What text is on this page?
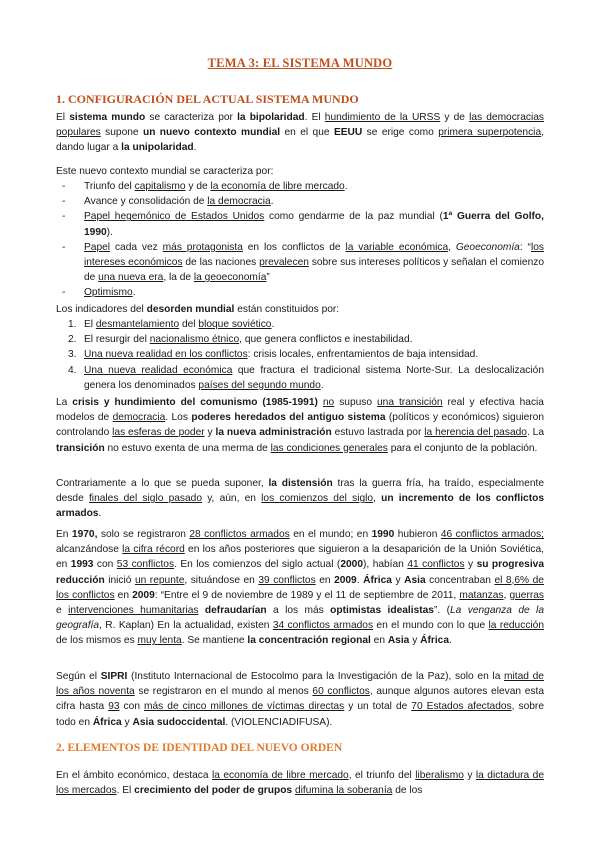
TEMA 3: EL SISTEMA MUNDO
1. CONFIGURACIÓN DEL ACTUAL SISTEMA MUNDO

El sistema mundo se caracteriza por la bipolaridad. El hundimiento de la URSS y de las democracias populares supone un nuevo contexto mundial en el que EEUU se erige como primera superpotencia, dando lugar a la unipolaridad.

Este nuevo contexto mundial se caracteriza por:

- Triunfo del capitalismo y de la economía de libre mercado.
- Avance y consolidación de la democracia.
- Papel hegemónico de Estados Unidos como gendarme de la paz mundial (1ª Guerra del Golfo, 1990).
- Papel cada vez más protagonista en los conflictos de la variable económica, Geoeconomía: “los intereses económicos de las naciones prevalecen sobre sus intereses políticos y señalan el comienzo de una nueva era, la de la geoeconomía”
- Optimismo.

Los indicadores del desorden mundial están constituidos por:

1. El desmantelamiento del bloque soviético.
2. El resurgir del nacionalismo étnico, que genera conflictos e inestabilidad.
3. Una nueva realidad en los conflictos: crisis locales, enfrentamientos de baja intensidad.
4. Una nueva realidad económica que fractura el tradicional sistema Norte-Sur. La deslocalización genera los denominados países del segundo mundo.

La crisis y hundimiento del comunismo (1985-1991) no supuso una transición real y efectiva hacia modelos de democracia. Los poderes heredados del antiguo sistema (políticos y económicos) siguieron controlando las esferas de poder y la nueva administración estuvo lastrada por la herencia del pasado. La transición no estuvo exenta de una merma de las condiciones generales para el conjunto de la población.

Contrariamente a lo que se pueda suponer, la distensión tras la guerra fría, ha traído, especialmente desde finales del siglo pasado y, aún, en los comienzos del siglo, un incremento de los conflictos armados.

En 1970, solo se registraron 28 conflictos armados en el mundo; en 1990 hubieron 46 conflictos armados; alcanzándose la cifra récord en los años posteriores que siguieron a la desaparición de la Unión Soviética, en 1993 con 53 conflictos. En los comienzos del siglo actual (2000), habían 41 conflictos y su progresiva reducción inició un repunte, situándose en 39 conflictos en 2009. África y Asia concentraban el 8,6% de los conflictos en 2009: “Entre el 9 de noviembre de 1989 y el 11 de septiembre de 2011, matanzas, guerras e intervenciones humanitarias defraudarían a los más optimistas idealistas”. (La venganza de la geografía, R. Kaplan) En la actualidad, existen 34 conflictos armados en el mundo con lo que la reducción de los mismos es muy lenta. Se mantiene la concentración regional en Asia y África.

Según el SIPRI (Instituto Internacional de Estocolmo para la Investigación de la Paz), solo en la mitad de los años noventa se registraron en el mundo al menos 60 conflictos, aunque algunos autores elevan esta cifra hasta 93 con más de cinco millones de víctimas directas y un total de 70 Estados afectados, sobre todo en África y Asia sudoccidental. (VIOLENCIADIFUSA).

2. ELEMENTOS DE IDENTIDAD DEL NUEVO ORDEN

En el ámbito económico, destaca la economía de libre mercado, el triunfo del liberalismo y la dictadura de los mercados. El crecimiento del poder de grupos difumina la soberanía de los
